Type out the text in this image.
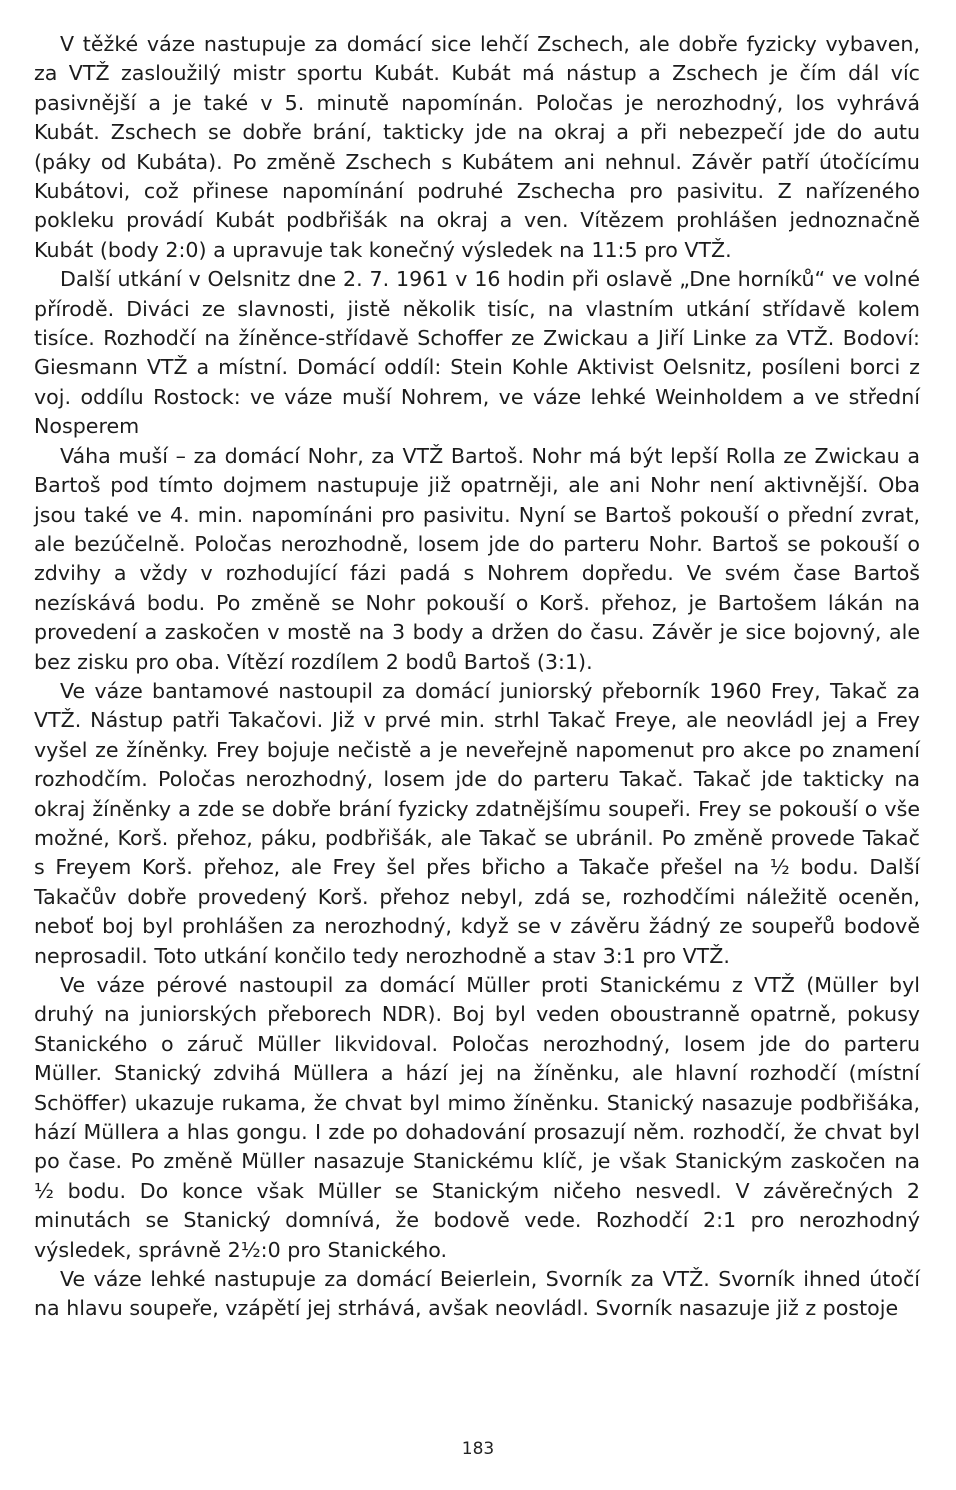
V těžké váze nastupuje za domácí sice lehčí Zschech, ale dobře fyzicky vybaven, za VTŽ zasloužilý mistr sportu Kubát. Kubát má nástup a Zschech je čím dál víc pasivnější a je také v 5. minutě napomínán. Poločas je nerozhodný, los vyhrává Kubát. Zschech se dobře brání, takticky jde na okraj a při nebezpečí jde do autu (páky od Kubáta). Po změně Zschech s Kubátem ani nehnul. Závěr patří útočícímu Kubátovi, což přinese napomínání podruhé Zschecha pro pasivitu. Z nařízeného pokleku provádí Kubát podbřišák na okraj a ven. Vítězem prohlášen jednoznačně Kubát (body 2:0) a upravuje tak konečný výsledek na 11:5 pro VTŽ.

Další utkání v Oelsnitz dne 2. 7. 1961 v 16 hodin při oslavě „Dne horníků“ ve volné přírodě. Diváci ze slavnosti, jistě několik tisíc, na vlastním utkání střídavě kolem tisíce. Rozhodčí na žíněnce-střídavě Schoffer ze Zwickau a Jiří Linke za VTŽ. Bodoví: Giesmann VTŽ a místní. Domácí oddíl: Stein Kohle Aktivist Oelsnitz, posíleni borci z voj. oddílu Rostock: ve váze muší Nohrem, ve váze lehké Weinholdem a ve střední Nosperem

Váha muší – za domácí Nohr, za VTŽ Bartoš. Nohr má být lepší Rolla ze Zwickau a Bartoš pod tímto dojmem nastupuje již opatrněji, ale ani Nohr není aktivnější. Oba jsou také ve 4. min. napomínáni pro pasivitu. Nyní se Bartoš pokouší o přední zvrat, ale bezúčelně. Poločas nerozhodně, losem jde do parteru Nohr. Bartoš se pokouší o zdvihy a vždy v rozhodující fázi padá s Nohrem dopředu. Ve svém čase Bartoš nezískává bodu. Po změně se Nohr pokouší o Korš. přehoz, je Bartošem lákán na provedení a zaskočen v mostě na 3 body a držen do času. Závěr je sice bojovný, ale bez zisku pro oba. Vítězí rozdílem 2 bodů Bartoš (3:1).

Ve váze bantamové nastoupil za domácí juniorský přeborník 1960 Frey, Takač za VTŽ. Nástup patři Takačovi. Již v prvé min. strhl Takač Freye, ale neovládl jej a Frey vyšel ze žíněnky. Frey bojuje nečistě a je neveřejně napomenut pro akce po znamení rozhodčím. Poločas nerozhodný, losem jde do parteru Takač. Takač jde takticky na okraj žíněnky a zde se dobře brání fyzicky zdatnějšímu soupeři. Frey se pokouší o vše možné, Korš. přehoz, páku, podbřišák, ale Takač se ubránil. Po změně provede Takač s Freyem Korš. přehoz, ale Frey šel přes břicho a Takače přešel na ½ bodu. Další Takačův dobře provedený Korš. přehoz nebyl, zdá se, rozhodčími náležitě oceněn, neboť boj byl prohlášen za nerozhodný, když se v závěru žádný ze soupeřů bodově neprosadil. Toto utkání končilo tedy nerozhodně a stav 3:1 pro VTŽ.

Ve váze pérové nastoupil za domácí Müller proti Stanickému z VTŽ (Müller byl druhý na juniorských přeborech NDR). Boj byl veden oboustranně opatrně, pokusy Stanického o záruč Müller likvidoval. Poločas nerozhodný, losem jde do parteru Müller. Stanický zdvihá Müllera a hází jej na žíněnku, ale hlavní rozhodčí (místní Schöffer) ukazuje rukama, že chvat byl mimo žíněnku. Stanický nasazuje podbřišáka, hází Müllera a hlas gongu. I zde po dohadování prosazují něm. rozhodčí, že chvat byl po čase. Po změně Müller nasazuje Stanickému klíč, je však Stanickým zaskočen na ½ bodu. Do konce však Müller se Stanickým ničeho nesvedl. V závěrečných 2 minutách se Stanický domnívá, že bodově vede. Rozhodčí 2:1 pro nerozhodný výsledek, správně 2½:0 pro Stanického.

Ve váze lehké nastupuje za domácí Beierlein, Svorník za VTŽ. Svorník ihned útočí na hlavu soupeře, vzápětí jej strhává, avšak neovládl. Svorník nasazuje již z postoje

183
